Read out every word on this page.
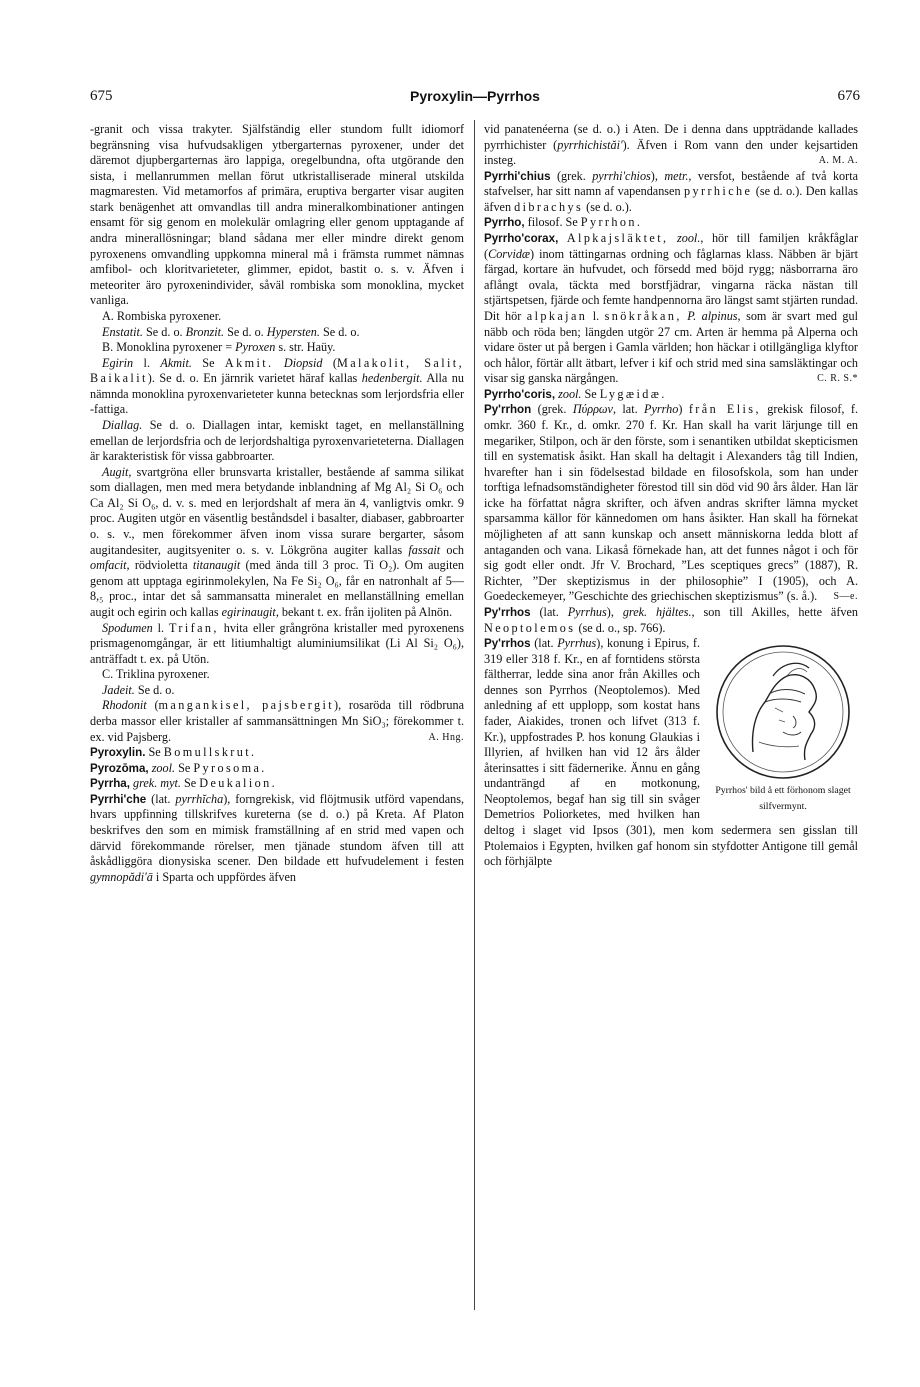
675	Pyroxylin—Pyrrhos	676

-granit och vissa trakyter. Själfständig eller stundom fullt idiomorf begränsning visa hufvudsakligen ytbergarternas pyroxener, under det däremot djupbergarternas äro lappiga, oregelbundna, ofta utgörande den sista, i mellanrummen mellan förut utkristalliserade mineral utskilda magmaresten. Vid metamorfos af primära, eruptiva bergarter visar augiten stark benägenhet att omvandlas till andra mineralkombinationer antingen ensamt för sig genom en molekulär omlagring eller genom upptagande af andra minerallösningar; bland sådana mer eller mindre direkt genom pyroxenens omvandling uppkomna mineral må i främsta rummet nämnas amfibol- och kloritvarieteter, glimmer, epidot, bastit o. s. v. Äfven i meteoriter äro pyroxenindivider, såväl rombiska som monoklina, mycket vanliga.

A. Rombiska pyroxener.

Enstatit. Se d. o. Bronzit. Se d. o. Hypersten. Se d. o.

B. Monoklina pyroxener = Pyroxen s. str. Haüy.

Egirin l. Akmit. Se Akmit. Diopsid (Malakolit, Salit, Baikalit). Se d. o. En järnrik varietet häraf kallas hedenbergit. Alla nu nämnda monoklina pyroxenvarieteter kunna betecknas som lerjordsfria eller -fattiga.

Diallag. Se d. o. Diallagen intar, kemiskt taget, en mellanställning emellan de lerjordsfria och de lerjordshaltiga pyroxenvarieteterna. Diallagen är karakteristisk för vissa gabbroarter.

Augit, svartgröna eller brunsvarta kristaller, bestående af samma silikat som diallagen, men med mera betydande inblandning af Mg Al₂ Si O₆ och Ca Al₂ Si O₆, d. v. s. med en lerjordshalt af mera än 4, vanligtvis omkr. 9 proc. Augiten utgör en väsentlig beståndsdel i basalter, diabaser, gabbroarter o. s. v., men förekommer äfven inom vissa surare bergarter, såsom augitandesiter, augitsyeniter o. s. v. Lökgröna augiter kallas fassait och omfacit, rödvioletta titanaugit (med ända till 3 proc. Ti O₂). Om augiten genom att upptaga egirinmolekylen, Na Fe Si₂ O₆, får en natronhalt af 5—8,₅ proc., intar det så sammansatta mineralet en mellanställning emellan augit och egirin och kallas egirinaugit, bekant t. ex. från ijoliten på Alnön.

Spodumen l. Trifan, hvita eller grångröna kristaller med pyroxenens prismagenomgångar, är ett litiumhaltigt aluminiumsilikat (Li Al Si₂ O₆), anträffadt t. ex. på Utön.

C. Triklina pyroxener.

Jadeit. Se d. o.

Rhodonit (mangankisel, pajsbergit), rosaröda till rödbruna derba massor eller kristaller af sammansättningen Mn SiO₃; förekommer t. ex. vid Pajsberg.	A. Hng.

Pyroxylin. Se Bomullskrut.

Pyrozōma, zool. Se Pyrosoma.

Pyrrha, grek. myt. Se Deukalion.

Pyrrhi'che (lat. pyrrhĭcha), forngrekisk, vid flöjtmusik utförd vapendans, hvars uppfinning tillskrifves kureterna (se d. o.) på Kreta. Af Platon beskrifves den som en mimisk framställning af en strid med vapen och därvid förekommande rörelser, men tjänade stundom äfven till att åskådliggöra dionysiska scener. Den bildade ett hufvudelement i festen gymnopădi'ā i Sparta och uppfördes äfven

vid panatenéerna (se d. o.) i Aten. De i denna dans uppträdande kallades pyrrhichister (pyrrhichistăi'). Äfven i Rom vann den under kejsartiden insteg.	A. M. A.

Pyrrhi'chius (grek. pyrrhi'chios), metr., versfot, bestående af två korta stafvelser, har sitt namn af vapendansen pyrrhiche (se d. o.). Den kallas äfven dibrachys (se d. o.).

Pyrrho, filosof. Se Pyrrhon.

Pyrrho'corax, Alpkajsläktet, zool., hör till familjen kråkfåglar (Corvidæ) inom tättingarnas ordning och fåglarnas klass. Näbben är bjärt färgad, kortare än hufvudet, och försedd med böjd rygg; näsborrarna äro aflångt ovala, täckta med borstfjädrar, vingarna räcka nästan till stjärtspetsen, fjärde och femte handpennorna äro längst samt stjärten rundad. Dit hör alpkajan l. snökråkan, P. alpinus, som är svart med gul näbb och röda ben; längden utgör 27 cm. Arten är hemma på Alperna och vidare öster ut på bergen i Gamla världen; hon häckar i otillgängliga klyftor och hålor, förtär allt ätbart, lefver i kif och strid med sina samsläktingar och visar sig ganska närgången.	C. R. S.*

Pyrrho'coris, zool. Se Lygæidæ.

Py'rrhon (grek. Πύρρων, lat. Pyrrho) från Elis, grekisk filosof, f. omkr. 360 f. Kr., d. omkr. 270 f. Kr. Han skall ha varit lärjunge till en megariker, Stilpon, och är den förste, som i senantiken utbildat skepticismen till en systematisk åsikt. Han skall ha deltagit i Alexanders tåg till Indien, hvarefter han i sin födelsestad bildade en filosofskola, som han under torftiga lefnadsomständigheter förestod till sin död vid 90 års ålder. Han lär icke ha författat några skrifter, och äfven andras skrifter lämna mycket sparsamma källor för kännedomen om hans åsikter. Han skall ha förnekat möjligheten af att sann kunskap och ansett människorna ledda blott af antaganden och vana. Likaså förnekade han, att det funnes något i och för sig godt eller ondt. Jfr V. Brochard, ”Les sceptiques grecs” (1887), R. Richter, ”Der skeptizismus in der philosophie” I (1905), och A. Goedeckemeyer, ”Geschichte des griechischen skeptizismus” (s. å.). S—e.

Py'rrhos (lat. Pyrrhus), grek. hjältes., son till Akilles, hette äfven Neoptolemos (se d. o., sp. 766).

Pyrrhos' bild å ett förhonom slaget silfvermynt.
Py'rrhos (lat. Pyrrhus), konung i Epirus, f. 319 eller 318 f. Kr., en af forntidens största fältherrar, ledde sina anor från Akilles och dennes son Pyrrhos (Neoptolemos). Med anledning af ett upplopp, som kostat hans fader, Aiakides, tronen och lifvet (313 f. Kr.), uppfostrades P. hos konung Glaukias i Illyrien, af hvilken han vid 12 års ålder återinsattes i sitt fädernerike. Ännu en gång undanträngd af en motkonung, Neoptolemos, begaf han sig till sin svåger Demetrios Poliorketes, med hvilken han deltog i slaget vid Ipsos (301), men kom sedermera sen gisslan till Ptolemaios i Egypten, hvilken gaf honom sin styfdotter Antigone till gemål och förhjälpte
